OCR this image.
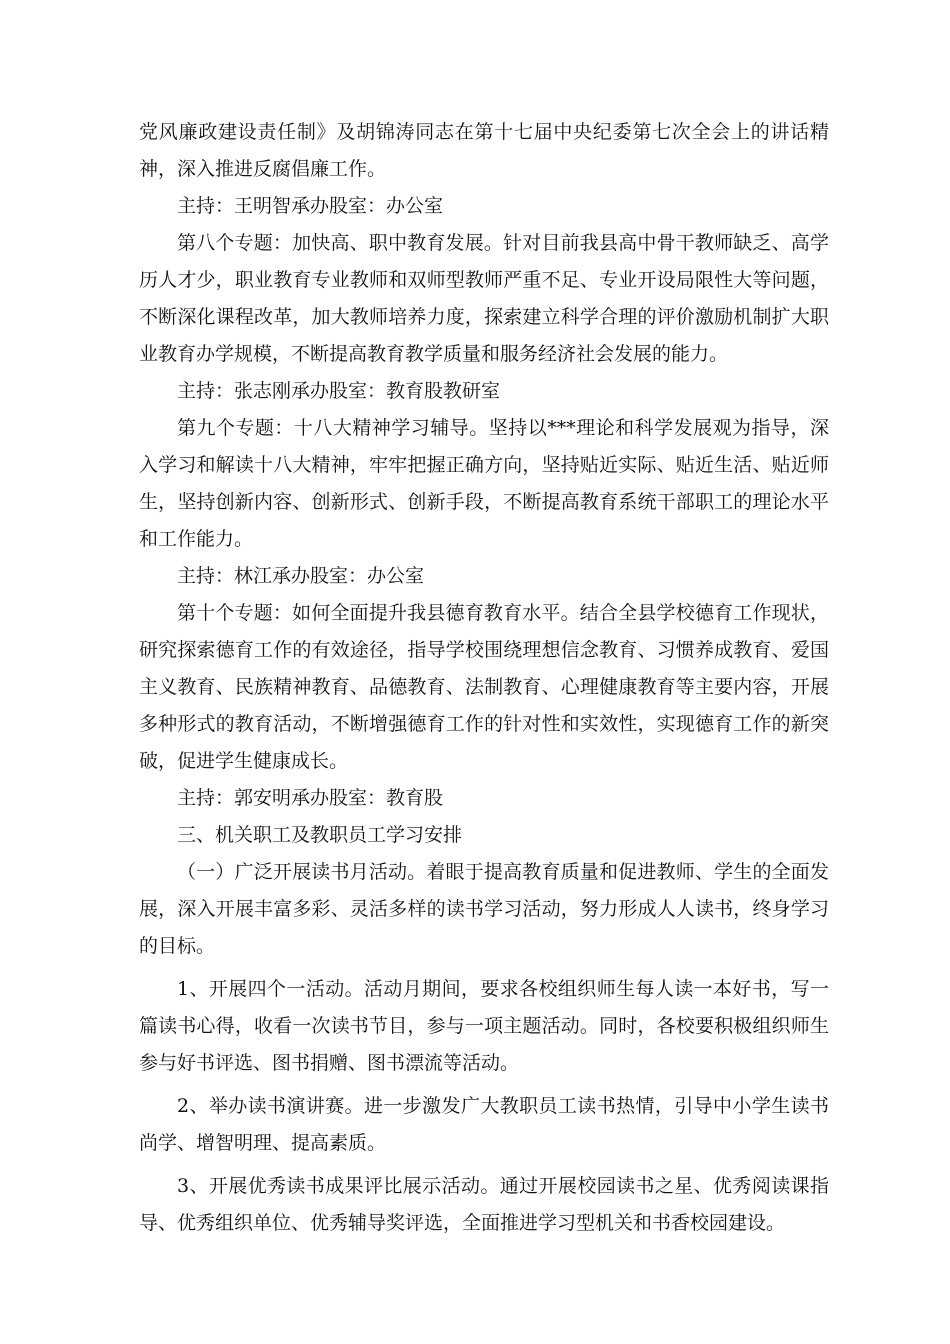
党风廉政建设责任制》及胡锦涛同志在第十七届中央纪委第七次全会上的讲话精神，深入推进反腐倡廉工作。

主持：王明智承办股室：办公室

第八个专题：加快高、职中教育发展。针对目前我县高中骨干教师缺乏、高学历人才少，职业教育专业教师和双师型教师严重不足、专业开设局限性大等问题，不断深化课程改革，加大教师培养力度，探索建立科学合理的评价激励机制扩大职业教育办学规模，不断提高教育教学质量和服务经济社会发展的能力。

主持：张志刚承办股室：教育股教研室

第九个专题：十八大精神学习辅导。坚持以***理论和科学发展观为指导，深入学习和解读十八大精神，牢牢把握正确方向，坚持贴近实际、贴近生活、贴近师生，坚持创新内容、创新形式、创新手段，不断提高教育系统干部职工的理论水平和工作能力。

主持：林江承办股室：办公室

第十个专题：如何全面提升我县德育教育水平。结合全县学校德育工作现状，研究探索德育工作的有效途径，指导学校围绕理想信念教育、习惯养成教育、爱国主义教育、民族精神教育、品德教育、法制教育、心理健康教育等主要内容，开展多种形式的教育活动，不断增强德育工作的针对性和实效性，实现德育工作的新突破，促进学生健康成长。

主持：郭安明承办股室：教育股

三、机关职工及教职员工学习安排

（一）广泛开展读书月活动。着眼于提高教育质量和促进教师、学生的全面发展，深入开展丰富多彩、灵活多样的读书学习活动，努力形成人人读书，终身学习的目标。

1、开展四个一活动。活动月期间，要求各校组织师生每人读一本好书，写一篇读书心得，收看一次读书节目，参与一项主题活动。同时，各校要积极组织师生参与好书评选、图书捐赠、图书漂流等活动。

2、举办读书演讲赛。进一步激发广大教职员工读书热情，引导中小学生读书尚学、增智明理、提高素质。

3、开展优秀读书成果评比展示活动。通过开展校园读书之星、优秀阅读课指导、优秀组织单位、优秀辅导奖评选，全面推进学习型机关和书香校园建设。
